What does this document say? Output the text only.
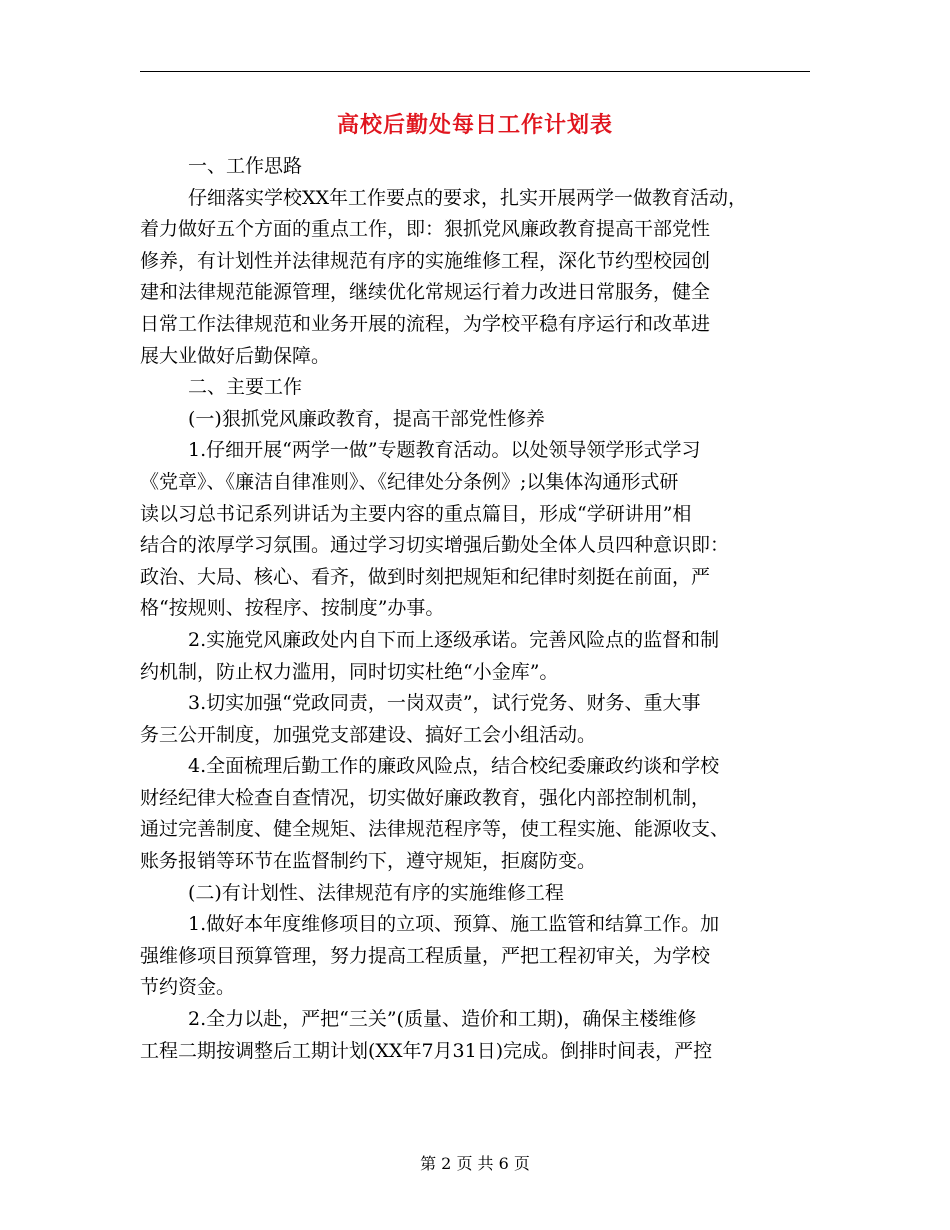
高校后勤处每日工作计划表
一、工作思路
仔细落实学校XX年工作要点的要求，扎实开展两学一做教育活动，
着力做好五个方面的重点工作，即：狠抓党风廉政教育提高干部党性
修养，有计划性并法律规范有序的实施维修工程，深化节约型校园创
建和法律规范能源管理，继续优化常规运行着力改进日常服务，健全
日常工作法律规范和业务开展的流程，为学校平稳有序运行和改革进
展大业做好后勤保障。
二、主要工作
(一)狠抓党风廉政教育，提高干部党性修养
1.仔细开展“两学一做”专题教育活动。以处领导领学形式学习
《党章》、《廉洁自律准则》、《纪律处分条例》;以集体沟通形式研
读以习总书记系列讲话为主要内容的重点篇目，形成“学研讲用”相
结合的浓厚学习氛围。通过学习切实增强后勤处全体人员四种意识即：
政治、大局、核心、看齐，做到时刻把规矩和纪律时刻挺在前面，严
格“按规则、按程序、按制度”办事。
2.实施党风廉政处内自下而上逐级承诺。完善风险点的监督和制
约机制，防止权力滥用，同时切实杜绝“小金库”。
3.切实加强“党政同责，一岗双责”，试行党务、财务、重大事
务三公开制度，加强党支部建设、搞好工会小组活动。
4.全面梳理后勤工作的廉政风险点，结合校纪委廉政约谈和学校
财经纪律大检查自查情况，切实做好廉政教育，强化内部控制机制，
通过完善制度、健全规矩、法律规范程序等，使工程实施、能源收支、
账务报销等环节在监督制约下，遵守规矩，拒腐防变。
(二)有计划性、法律规范有序的实施维修工程
1.做好本年度维修项目的立项、预算、施工监管和结算工作。加
强维修项目预算管理，努力提高工程质量，严把工程初审关，为学校
节约资金。
2.全力以赴，严把“三关”(质量、造价和工期)，确保主楼维修
工程二期按调整后工期计划(XX年7月31日)完成。倒排时间表，严控
第 2 页 共 6 页
